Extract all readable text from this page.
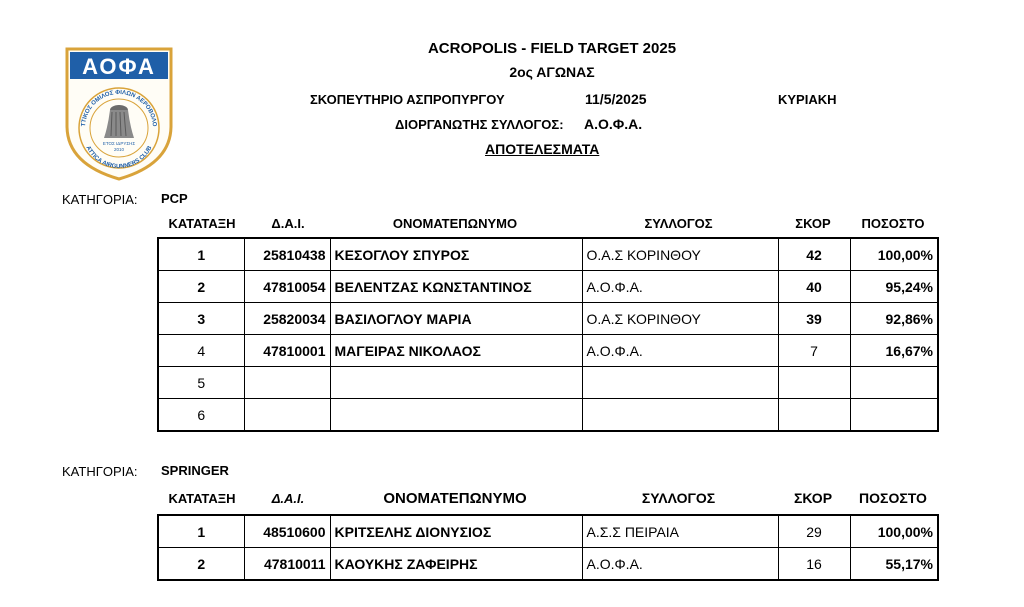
ΑΟΦΑ
ΤΤΙΚΟΣ ΟΜΙΛΟΣ ΦΙΛΩΝ ΑΕΡΟΒΟΛΟ
ATTICA AIRGUNNERS CLUB
ΕΤΟΣ ΙΔΡΥΣΗΣ
2010
ACROPOLIS - FIELD TARGET 2025
2ος ΑΓΩΝΑΣ
ΣΚΟΠΕΥΤΗΡΙΟ ΑΣΠΡΟΠΥΡΓΟΥ	11/5/2025	ΚΥΡΙΑΚΗ
ΔΙΟΡΓΑΝΩΤΗΣ ΣΥΛΛΟΓΟΣ: Α.Ο.Φ.Α.
ΑΠΟΤΕΛΕΣΜΑΤΑ
ΚΑΤΗΓΟΡΙΑ: PCP
ΚΑΤΑΤΑΞΗ	Δ.Α.Ι.	ΟΝΟΜΑΤΕΠΩΝΥΜΟ	ΣΥΛΛΟΓΟΣ	ΣΚΟΡ	ΠΟΣΟΣΤΟ
1	25810438	ΚΕΣΟΓΛΟΥ ΣΠΥΡΟΣ	Ο.Α.Σ ΚΟΡΙΝΘΟΥ	42	100,00%
2	47810054	ΒΕΛΕΝΤΖΑΣ ΚΩΝΣΤΑΝΤΙΝΟΣ	Α.Ο.Φ.Α.	40	95,24%
3	25820034	ΒΑΣΙΛΟΓΛΟΥ ΜΑΡΙΑ	Ο.Α.Σ ΚΟΡΙΝΘΟΥ	39	92,86%
4	47810001	ΜΑΓΕΙΡΑΣ ΝΙΚΟΛΑΟΣ	Α.Ο.Φ.Α.	7	16,67%
5					
6					
ΚΑΤΗΓΟΡΙΑ: SPRINGER
ΚΑΤΑΤΑΞΗ	Δ.Α.Ι.	ΟΝΟΜΑΤΕΠΩΝΥΜΟ	ΣΥΛΛΟΓΟΣ	ΣΚΟΡ	ΠΟΣΟΣΤΟ
1	48510600	ΚΡΙΤΣΕΛΗΣ ΔΙΟΝΥΣΙΟΣ	Α.Σ.Σ ΠΕΙΡΑΙΑ	29	100,00%
2	47810011	ΚΑΟΥΚΗΣ ΖΑΦΕΙΡΗΣ	Α.Ο.Φ.Α.	16	55,17%
